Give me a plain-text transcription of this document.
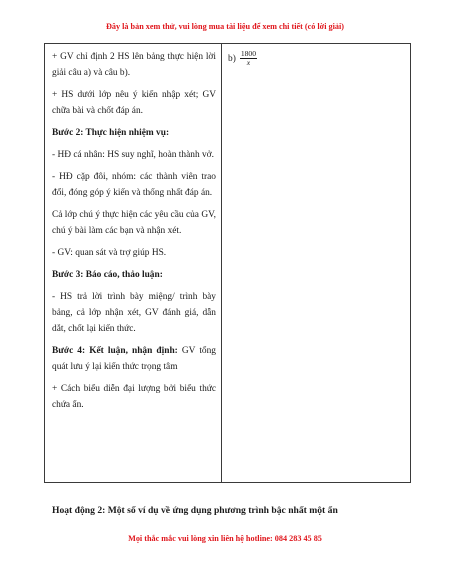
Đây là bản xem thử, vui lòng mua tài liệu để xem chi tiết (có lời giải)

+ GV chỉ định 2 HS lên bảng thực hiện lời giải câu a) và câu b).

+ HS dưới lớp nêu ý kiến nhập xét; GV chữa bài và chốt đáp án.

Bước 2: Thực hiện nhiệm vụ:

- HĐ cá nhân: HS suy nghĩ, hoàn thành vở.

- HĐ cặp đôi, nhóm: các thành viên trao đổi, đóng góp ý kiến và thống nhất đáp án.

Cả lớp chú ý thực hiện các yêu cầu của GV, chú ý bài làm các bạn và nhận xét.

- GV: quan sát và trợ giúp HS.

Bước 3: Báo cáo, thảo luận:

- HS trả lời trình bày miệng/ trình bày bảng, cả lớp nhận xét, GV đánh giá, dẫn dắt, chốt lại kiến thức.

Bước 4: Kết luận, nhận định: GV tổng quát lưu ý lại kiến thức trọng tâm

+ Cách biểu diễn đại lượng bởi biểu thức chứa ẩn.

$b) \frac{1800}{x}$
Hoạt động 2: Một số ví dụ về ứng dụng phương trình bậc nhất một ẩn
Mọi thắc mắc vui lòng xin liên hệ hotline: 084 283 45 85
